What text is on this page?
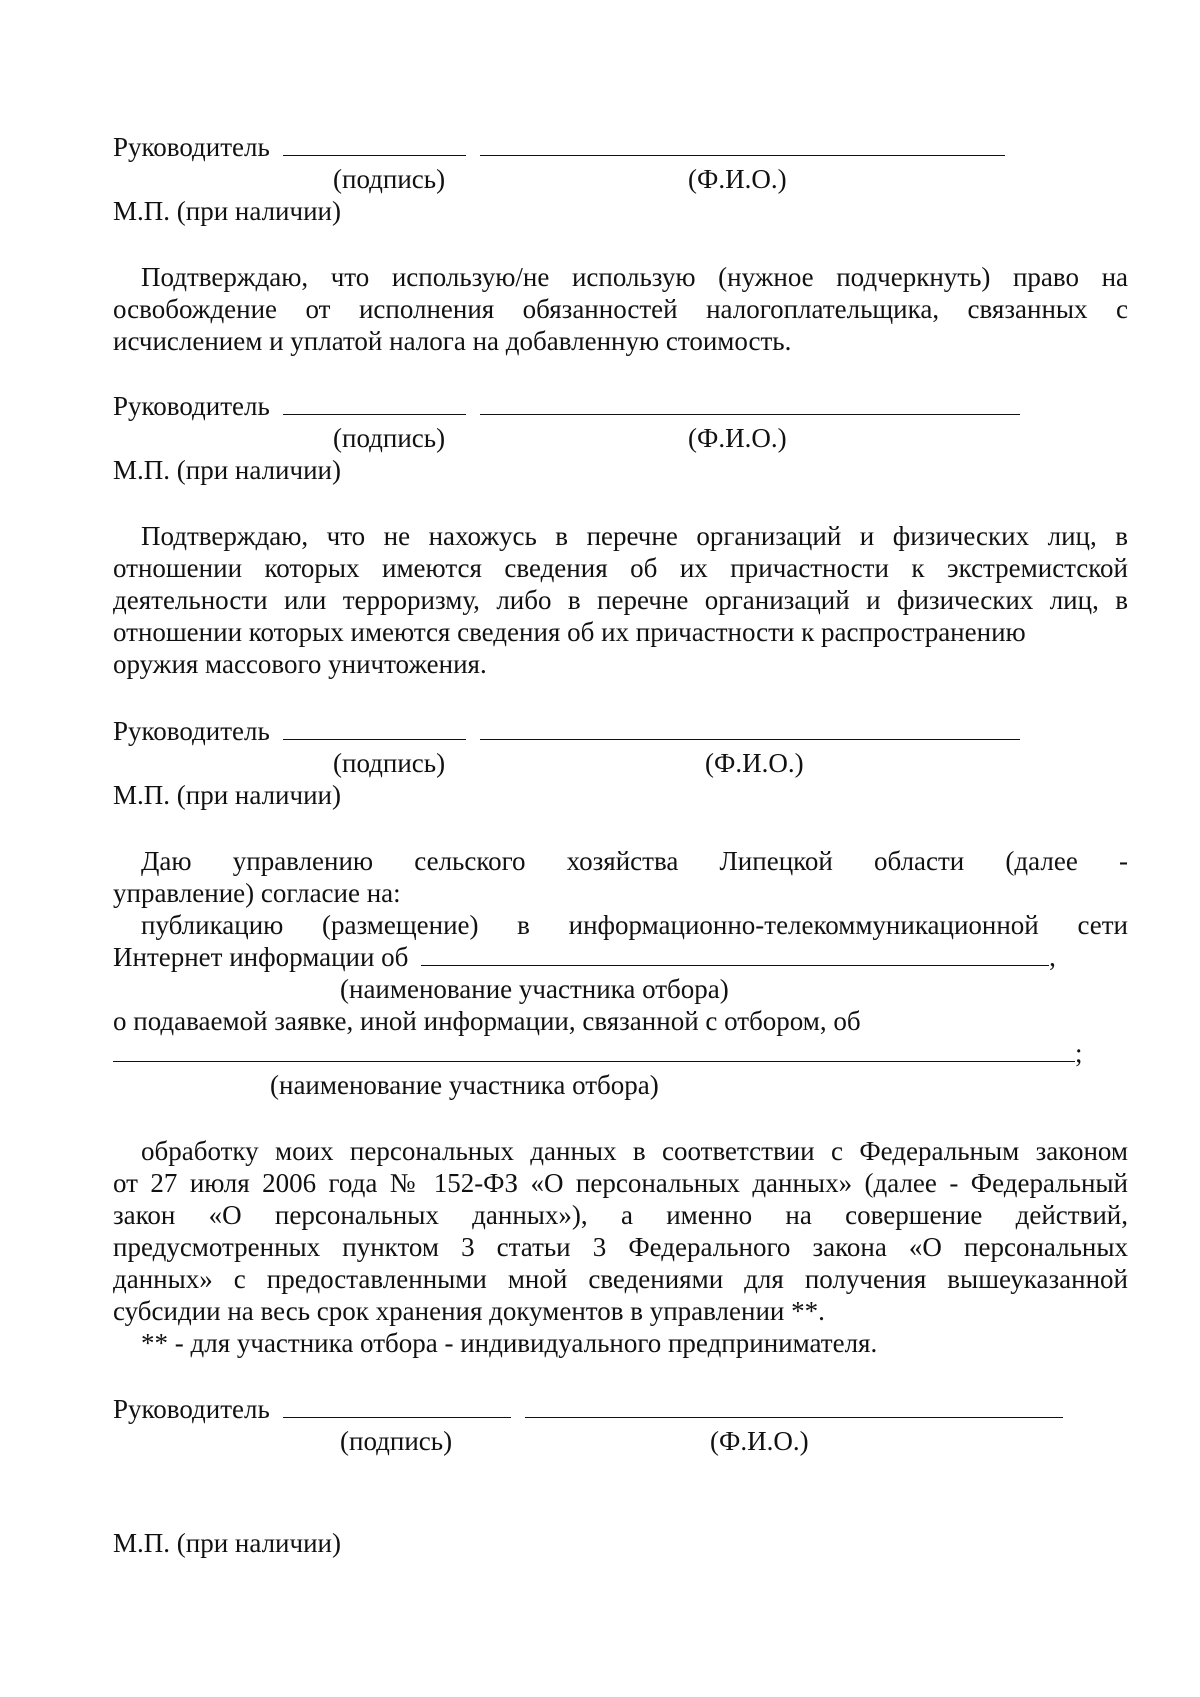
Руководитель
(подпись)	(Ф.И.О.)
М.П. (при наличии)
Подтверждаю, что использую/не использую (нужное подчеркнуть) право на
освобождение от исполнения обязанностей налогоплательщика, связанных с
исчислением и уплатой налога на добавленную стоимость.
Руководитель
(подпись)	(Ф.И.О.)
М.П. (при наличии)
Подтверждаю, что не нахожусь в перечне организаций и физических лиц, в
отношении которых имеются сведения об их причастности к экстремистской
деятельности или терроризму, либо в перечне организаций и физических лиц, в
отношении которых имеются сведения об их причастности к распространению
оружия массового уничтожения.
Руководитель
(подпись)	(Ф.И.О.)
М.П. (при наличии)
Даю управлению сельского хозяйства Липецкой области (далее -
управление) согласие на:
публикацию (размещение) в информационно-телекоммуникационной сети
Интернет информации об	,
(наименование участника отбора)
о подаваемой заявке, иной информации, связанной с отбором, об
;
(наименование участника отбора)
обработку моих персональных данных в соответствии с Федеральным законом
от 27 июля 2006 года № 152-ФЗ «О персональных данных» (далее - Федеральный
закон «О персональных данных»), а именно на совершение действий,
предусмотренных пунктом 3 статьи 3 Федерального закона «О персональных
данных» с предоставленными мной сведениями для получения вышеуказанной
субсидии на весь срок хранения документов в управлении **.
** - для участника отбора - индивидуального предпринимателя.
Руководитель
(подпись)	(Ф.И.О.)
М.П. (при наличии)
